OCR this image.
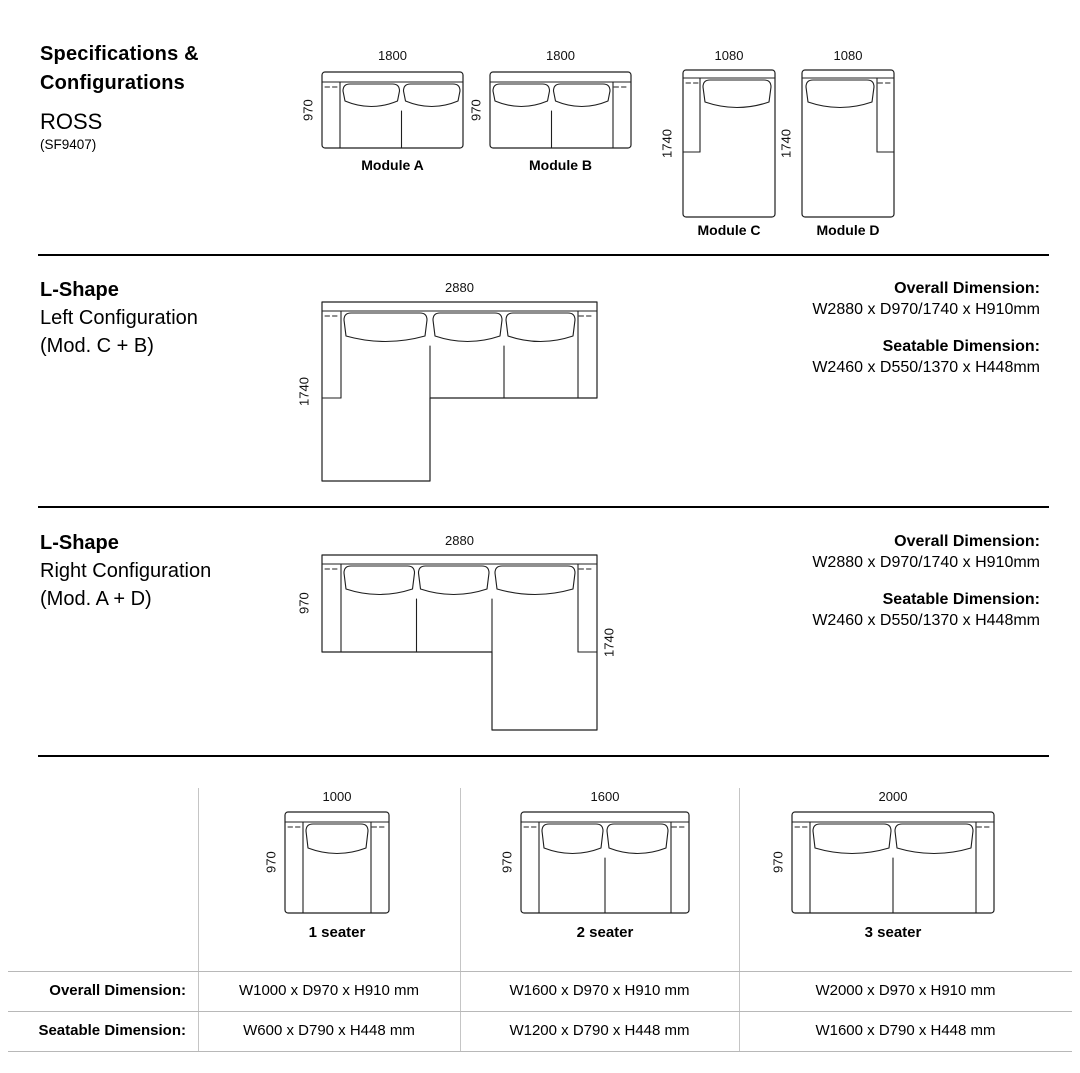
Specifications &
Configurations
ROSS
(SF9407)
1800
970
Module A
1800
970
Module B
1080
1740
Module C
1080
1740
Module D
L-Shape
Left Configuration
(Mod. C + B)
2880
1740
Overall Dimension:
W2880 x D970/1740 x H910mm
Seatable Dimension:
W2460 x D550/1370 x H448mm
L-Shape
Right Configuration
(Mod. A + D)
2880
970
1740
Overall Dimension:
W2880 x D970/1740 x H910mm
Seatable Dimension:
W2460 x D550/1370 x H448mm
1000
970
1 seater
1600
970
2 seater
2000
970
3 seater
Overall Dimension:	W1000 x D970 x H910 mm	W1600 x D970 x H910 mm	W2000 x D970 x H910 mm
Seatable Dimension:	W600 x D790 x H448 mm	W1200 x D790 x H448 mm	W1600 x D790 x H448 mm
